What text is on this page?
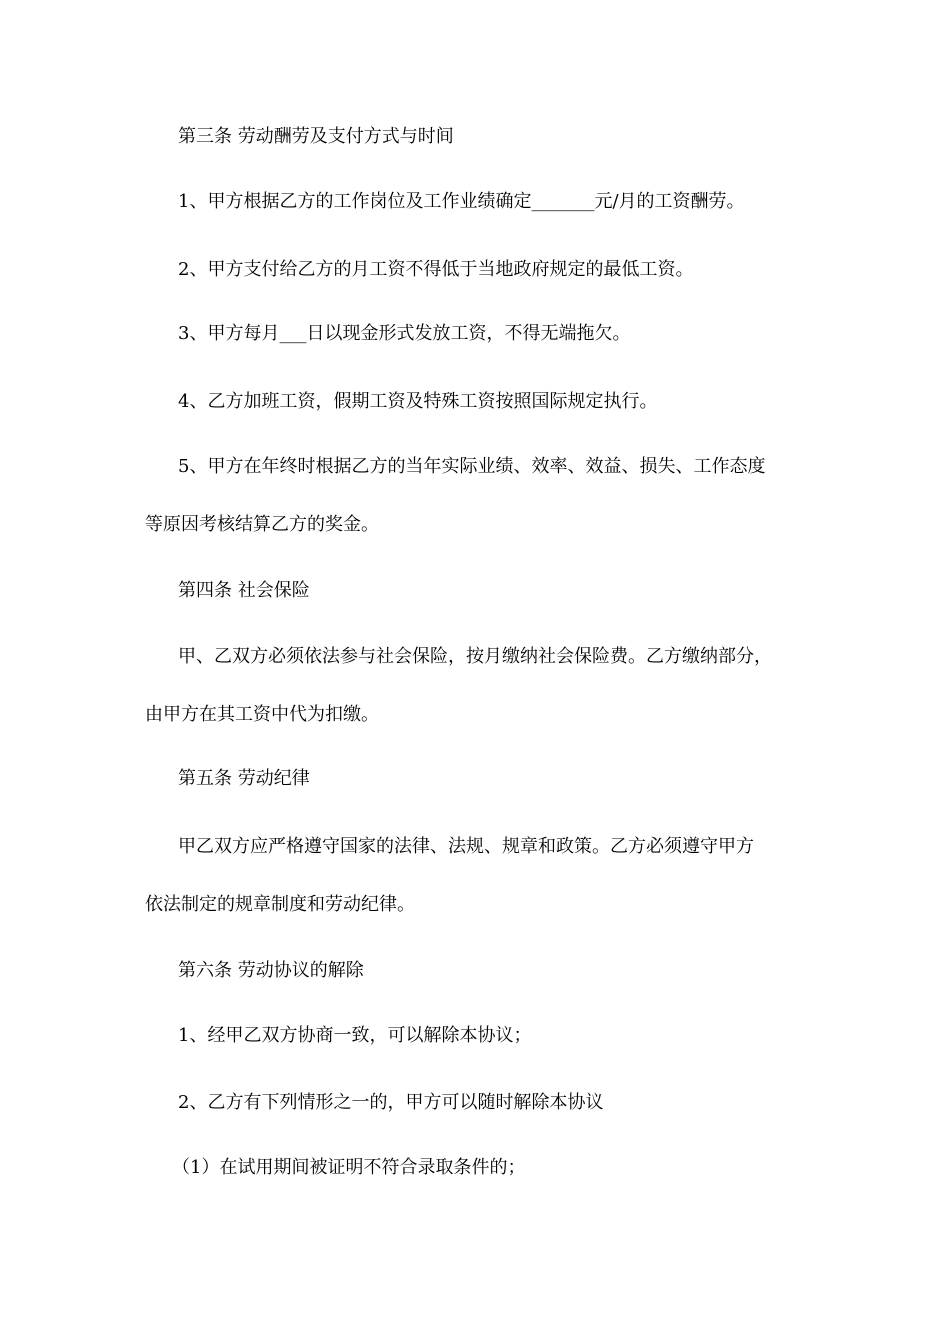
第三条 劳动酬劳及支付方式与时间
1、甲方根据乙方的工作岗位及工作业绩确定_______元/月的工资酬劳。
2、甲方支付给乙方的月工资不得低于当地政府规定的最低工资。
3、甲方每月___日以现金形式发放工资，不得无端拖欠。
4、乙方加班工资，假期工资及特殊工资按照国际规定执行。
5、甲方在年终时根据乙方的当年实际业绩、效率、效益、损失、工作态度
等原因考核结算乙方的奖金。
第四条 社会保险
甲、乙双方必须依法参与社会保险，按月缴纳社会保险费。乙方缴纳部分，
由甲方在其工资中代为扣缴。
第五条 劳动纪律
甲乙双方应严格遵守国家的法律、法规、规章和政策。乙方必须遵守甲方
依法制定的规章制度和劳动纪律。
第六条 劳动协议的解除
1、经甲乙双方协商一致，可以解除本协议；
2、乙方有下列情形之一的，甲方可以随时解除本协议
（1）在试用期间被证明不符合录取条件的；
